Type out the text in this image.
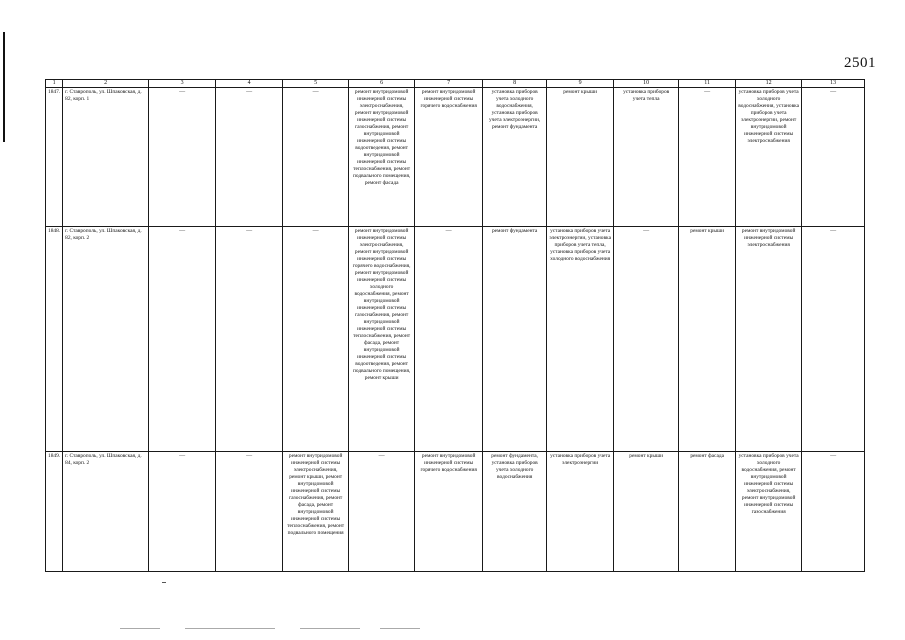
2501
1	2	3	4	5	6	7	8	9	10	11	12	13
1847.	г. Ставрополь, ул. Шпаковская, д. 82, корп. 1	—	—	—	ремонт внутридомовой инженерной системы электроснабжения, ремонт внутридомовой инженерной системы газоснабжения, ремонт внутридомовой инженерной системы водоотведения, ремонт внутридомовой инженерной системы теплоснабжения, ремонт подвального помещения, ремонт фасада	ремонт внутридомовой инженерной системы горячего водоснабжения	установка приборов учета холодного водоснабжения, установка приборов учета электроэнергии, ремонт фундамента	ремонт крыши	установка приборов учета тепла	—	установка приборов учета холодного водоснабжения, установка приборов учета электроэнергии, ремонт внутридомовой инженерной системы электроснабжения	—

1848.	г. Ставрополь, ул. Шпаковская, д. 82, корп. 2	—	—	—	ремонт внутридомовой инженерной системы электроснабжения, ремонт внутридомовой инженерной системы горячего водоснабжения, ремонт внутридомовой инженерной системы холодного водоснабжения, ремонт внутридомовой инженерной системы газоснабжения, ремонт внутридомовой инженерной системы теплоснабжения, ремонт фасада, ремонт внутридомовой инженерной системы водоотведения, ремонт подвального помещения, ремонт крыши	—	ремонт фундамента	установка приборов учета электроэнергии, установка приборов учета тепла, установка приборов учета холодного водоснабжения	—	ремонт крыши	ремонт внутридомовой инженерной системы электроснабжения	—

1849.	г. Ставрополь, ул. Шпаковская, д. 84, корп. 2	—	—	ремонт внутридомовой инженерной системы электроснабжения, ремонт крыши, ремонт внутридомовой инженерной системы газоснабжения, ремонт фасада, ремонт внутридомовой инженерной системы теплоснабжения, ремонт подвального помещения	—	ремонт внутридомовой инженерной системы горячего водоснабжения	ремонт фундамента, установка приборов учета холодного водоснабжения	установка приборов учета электроэнергии	ремонт крыши	ремонт фасада	установка приборов учета холодного водоснабжения, ремонт внутридомовой инженерной системы электроснабжения, ремонт внутридомовой инженерной системы газоснабжения	—
